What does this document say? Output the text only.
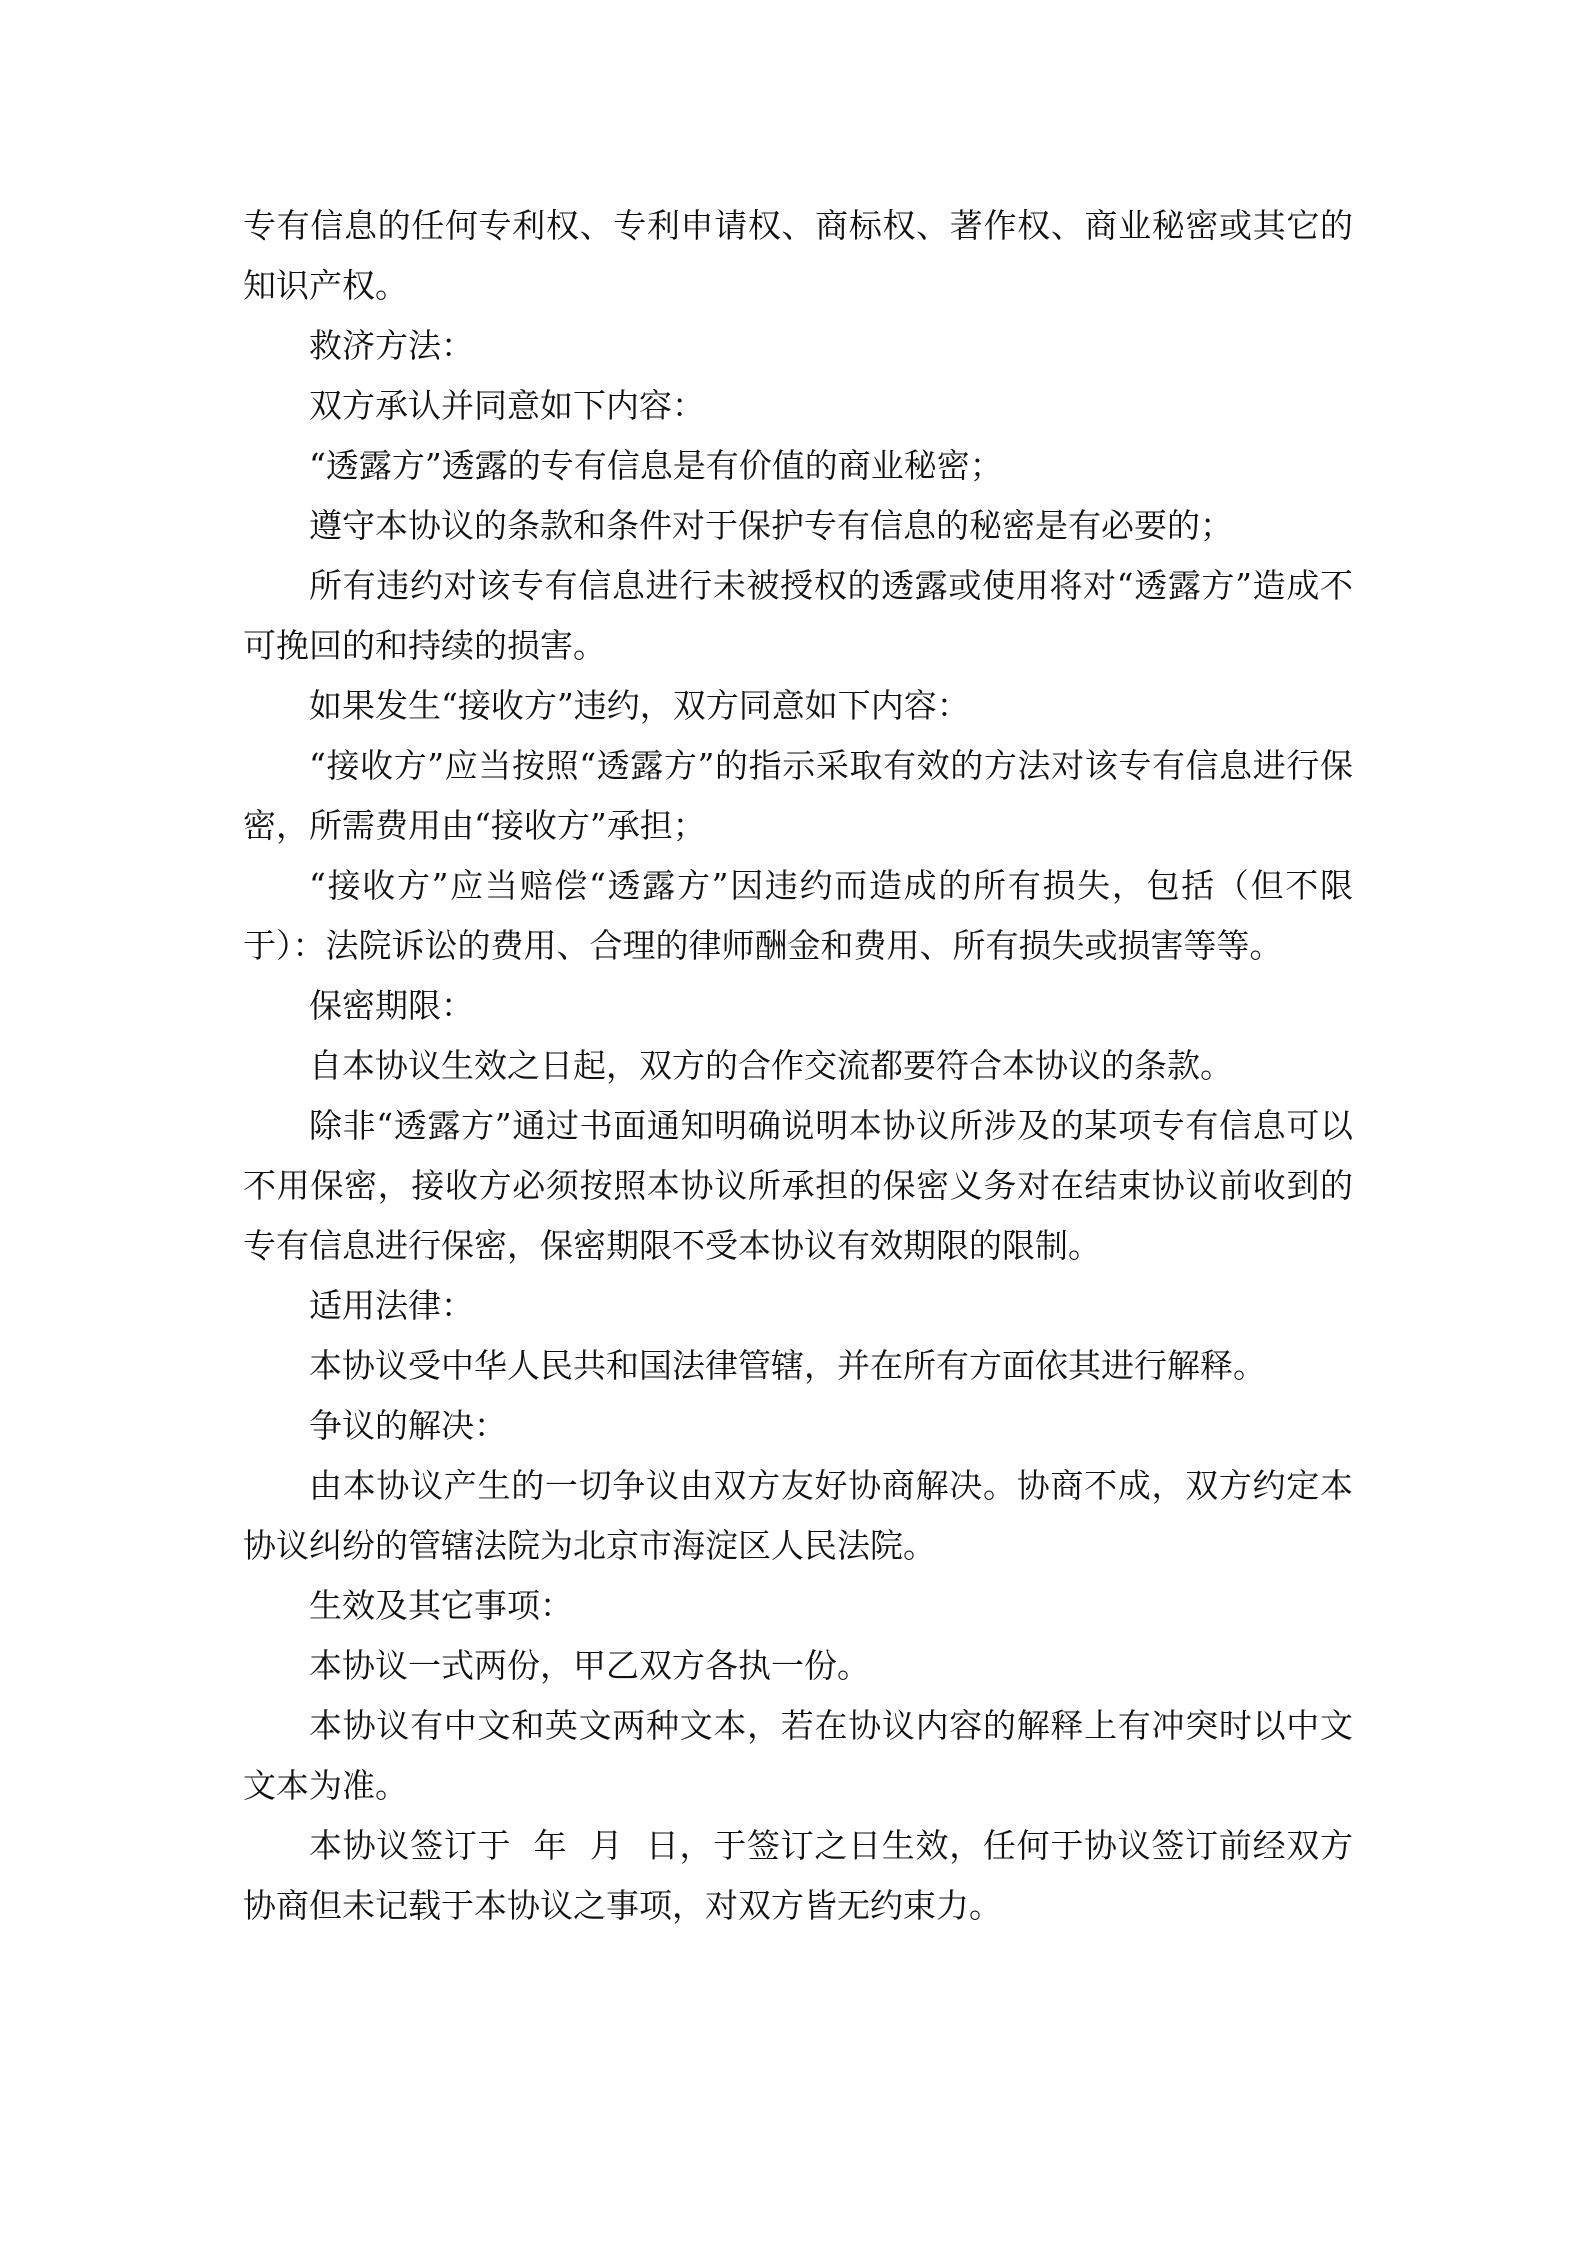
专有信息的任何专利权、专利申请权、商标权、著作权、商业秘密或其它的知识产权。

救济方法：

双方承认并同意如下内容：

“透露方”透露的专有信息是有价值的商业秘密；

遵守本协议的条款和条件对于保护专有信息的秘密是有必要的；

所有违约对该专有信息进行未被授权的透露或使用将对“透露方”造成不可挽回的和持续的损害。

如果发生“接收方”违约，双方同意如下内容：

“接收方”应当按照“透露方”的指示采取有效的方法对该专有信息进行保密，所需费用由“接收方”承担；

“接收方”应当赔偿“透露方”因违约而造成的所有损失，包括（但不限于）：法院诉讼的费用、合理的律师酬金和费用、所有损失或损害等等。

保密期限：

自本协议生效之日起，双方的合作交流都要符合本协议的条款。

除非“透露方”通过书面通知明确说明本协议所涉及的某项专有信息可以不用保密，接收方必须按照本协议所承担的保密义务对在结束协议前收到的专有信息进行保密，保密期限不受本协议有效期限的限制。

适用法律：

本协议受中华人民共和国法律管辖，并在所有方面依其进行解释。

争议的解决：

由本协议产生的一切争议由双方友好协商解决。协商不成，双方约定本协议纠纷的管辖法院为北京市海淀区人民法院。

生效及其它事项：

本协议一式两份，甲乙双方各执一份。

本协议有中文和英文两种文本，若在协议内容的解释上有冲突时以中文文本为准。

本协议签订于  年  月  日，于签订之日生效，任何于协议签订前经双方协商但未记载于本协议之事项，对双方皆无约束力。
